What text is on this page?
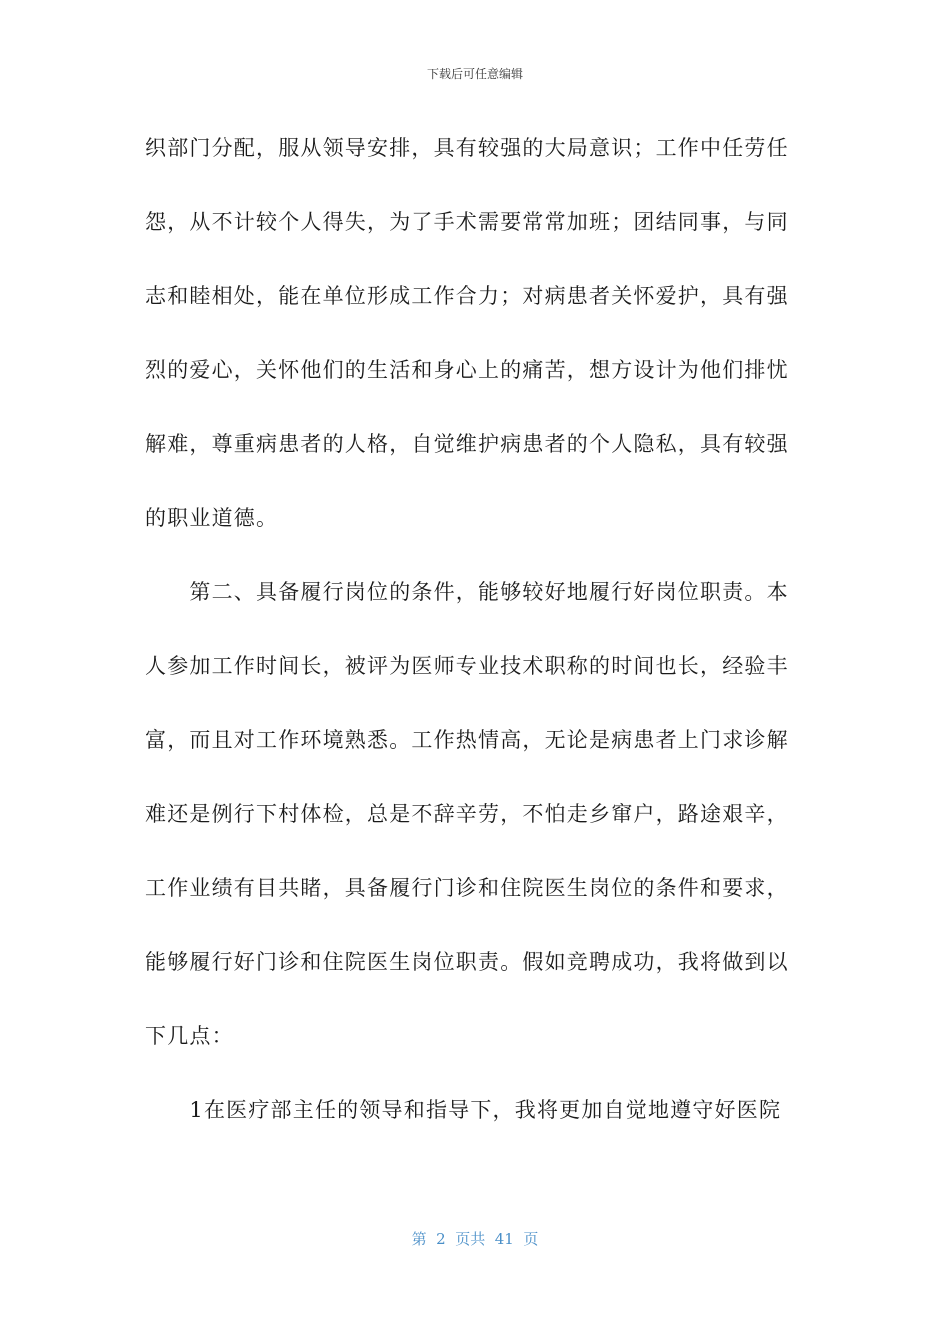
下载后可任意编辑
织部门分配，服从领导安排，具有较强的大局意识；工作中任劳任
怨，从不计较个人得失，为了手术需要常常加班；团结同事，与同
志和睦相处，能在单位形成工作合力；对病患者关怀爱护，具有强
烈的爱心，关怀他们的生活和身心上的痛苦，想方设计为他们排忧
解难，尊重病患者的人格，自觉维护病患者的个人隐私，具有较强
的职业道德。
　　第二、具备履行岗位的条件，能够较好地履行好岗位职责。本
人参加工作时间长，被评为医师专业技术职称的时间也长，经验丰
富，而且对工作环境熟悉。工作热情高，无论是病患者上门求诊解
难还是例行下村体检，总是不辞辛劳，不怕走乡窜户，路途艰辛，
工作业绩有目共睹，具备履行门诊和住院医生岗位的条件和要求，
能够履行好门诊和住院医生岗位职责。假如竞聘成功，我将做到以
下几点：
　　1在医疗部主任的领导和指导下，我将更加自觉地遵守好医院
第  2  页共  41  页
